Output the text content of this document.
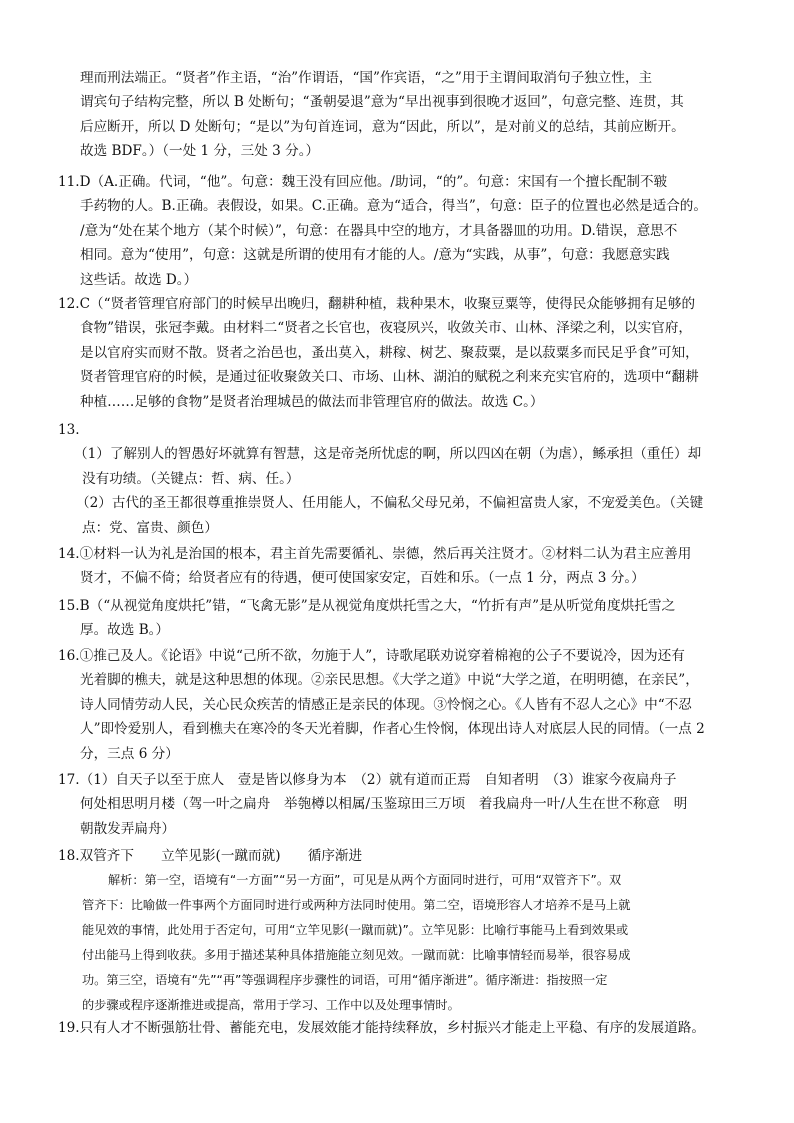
理而刑法端正。“贤者”作主语，“治”作谓语，“国”作宾语，“之”用于主谓间取消句子独立性，主
谓宾句子结构完整，所以 B 处断句；“蚤朝晏退”意为“早出视事到很晚才返回”，句意完整、连贯，其
后应断开，所以 D 处断句；“是以”为句首连词，意为“因此，所以”，是对前义的总结，其前应断开。
故选 BDF。）（一处 1 分，三处 3 分。）
11.D（A.正确。代词，“他”。句意：魏王没有回应他。/助词，“的”。句意：宋国有一个擅长配制不皲
手药物的人。B.正确。表假设，如果。C.正确。意为“适合，得当”，句意：臣子的位置也必然是适合的。
/意为“处在某个地方（某个时候）”，句意：在器具中空的地方，才具备器皿的功用。D.错误，意思不
相同。意为“使用”，句意：这就是所谓的使用有才能的人。/意为“实践，从事”，句意：我愿意实践
这些话。故选 D。）
12.C（“贤者管理官府部门的时候早出晚归，翻耕种植，栽种果木，收聚豆粟等，使得民众能够拥有足够的
食物”错误，张冠李戴。由材料二“贤者之长官也，夜寝夙兴，收敛关市、山林、泽梁之利，以实官府，
是以官府实而财不散。贤者之治邑也，蚤出莫入，耕稼、树艺、聚菽粟，是以菽粟多而民足乎食”可知，
贤者管理官府的时候，是通过征收聚敛关口、市场、山林、湖泊的赋税之利来充实官府的，选项中“翻耕
种植……足够的食物”是贤者治理城邑的做法而非管理官府的做法。故选 C。）
13.
（1）了解别人的智愚好坏就算有智慧，这是帝尧所忧虑的啊，所以四凶在朝（为虐），鲧承担（重任）却
没有功绩。（关键点：哲、病、任。）
（2）古代的圣王都很尊重推崇贤人、任用能人，不偏私父母兄弟，不偏袒富贵人家，不宠爱美色。（关键
点：党、富贵、颜色）
14.①材料一认为礼是治国的根本，君主首先需要循礼、崇德，然后再关注贤才。②材料二认为君主应善用
贤才，不偏不倚；给贤者应有的待遇，便可使国家安定，百姓和乐。（一点 1 分，两点 3 分。）
15.B（“从视觉角度烘托”错，“飞禽无影”是从视觉角度烘托雪之大，“竹折有声”是从听觉角度烘托雪之
厚。故选 B。）
16.①推己及人。《论语》中说“己所不欲，勿施于人”，诗歌尾联劝说穿着棉袍的公子不要说冷，因为还有
光着脚的樵夫，就是这种思想的体现。②亲民思想。《大学之道》中说“大学之道，在明明德，在亲民”，
诗人同情劳动人民，关心民众疾苦的情感正是亲民的体现。③怜悯之心。《人皆有不忍人之心》中“不忍
人”即怜爱别人，看到樵夫在寒冷的冬天光着脚，作者心生怜悯，体现出诗人对底层人民的同情。（一点 2
分，三点 6 分）
17.（1）自天子以至于庶人　壹是皆以修身为本　（2）就有道而正焉　自知者明　（3）谁家今夜扁舟子
何处相思明月楼（驾一叶之扁舟　举匏樽以相属/玉鉴琼田三万顷　着我扁舟一叶/人生在世不称意　明
朝散发弄扁舟）
18.双管齐下　　立竿见影(一蹴而就)　　循序渐进
解析：第一空，语境有“一方面”“另一方面”，可见是从两个方面同时进行，可用“双管齐下”。双
管齐下：比喻做一件事两个方面同时进行或两种方法同时使用。第二空，语境形容人才培养不是马上就
能见效的事情，此处用于否定句，可用“立竿见影(一蹴而就)”。立竿见影：比喻行事能马上看到效果或
付出能马上得到收获。多用于描述某种具体措施能立刻见效。一蹴而就：比喻事情轻而易举，很容易成
功。第三空，语境有“先”“再”等强调程序步骤性的词语，可用“循序渐进”。循序渐进：指按照一定
的步骤或程序逐渐推进或提高，常用于学习、工作中以及处理事情时。
19.只有人才不断强筋壮骨、蓄能充电，发展效能才能持续释放，乡村振兴才能走上平稳、有序的发展道路。
